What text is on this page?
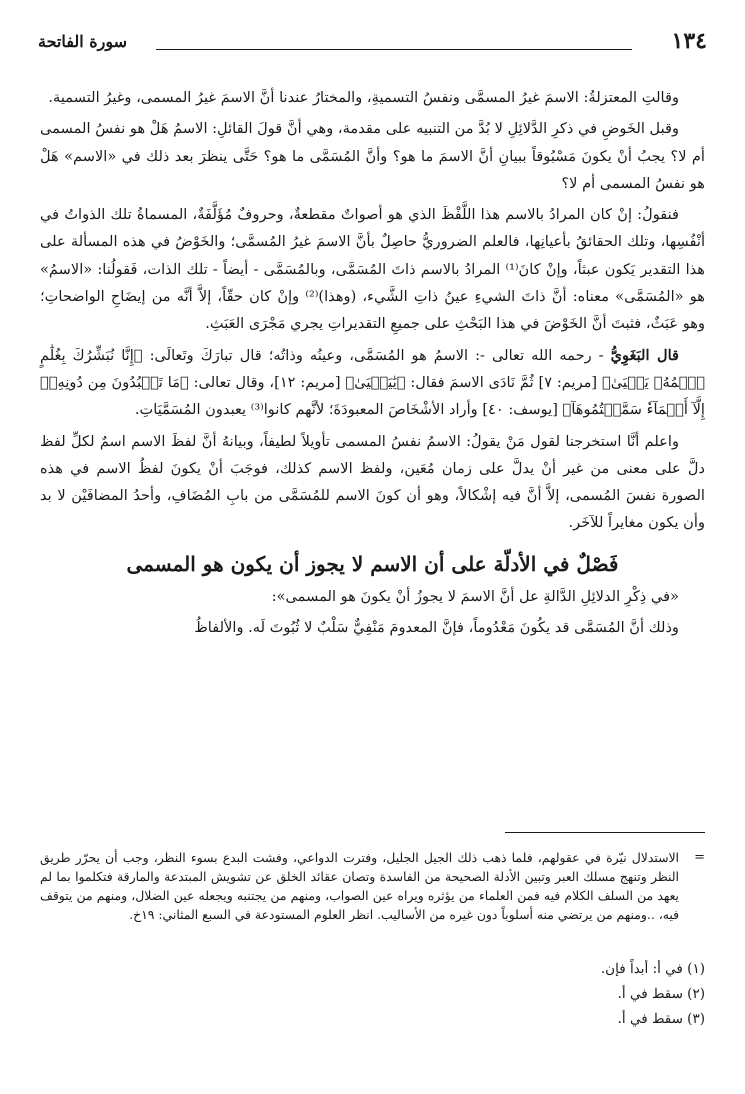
١٣٤
سورة الفاتحة

وقالتِ المعتزلةُ: الاسمَ غيرُ المسمَّى ونفسُ التسميةِ، والمختارُ عندنا أنَّ الاسمَ غيرُ المسمى، وغيرُ التسمية.

وقبل الخَوضِ في ذكرِ الدَّلائِلِ لا بُدَّ من التنبيه على مقدمة، وهي أنَّ قولَ القائلِ: الاسمُ هَلْ هو نفسُ المسمى أم لا؟ يجبُ أنْ يكونَ مَسْبُوقاً ببيانِ أنَّ الاسمَ ما هو؟ وأنَّ المُسَمَّى ما هو؟ حَتَّى ينظرَ بعد ذلك في «الاسم» هَلْ هو نفسُ المسمى أم لا؟

فنقولُ: إنْ كان المرادُ بالاسم هذا اللَّفْظَ الذي هو أصواتٌ مقطعةٌ، وحروفٌ مُؤَلَّفَةٌ، المسماةُ تلك الذواتُ في أنْفُسِها، وتلك الحقائقُ بأعيانِها، فالعلم الضروريُّ حاصِلٌ بأنَّ الاسمَ غيرُ المُسمَّى؛ والخَوْضُ في هذه المسألة على هذا التقدير يَكون عبثاً، وإنْ كانَ⁽¹⁾ المرادُ بالاسم ذاتَ المُسَمَّى، وبالمُسَمَّى - أيضاً - تلك الذات، فَقولُنا: «الاسمُ» هو «المُسَمَّى» معناه: أنَّ ذاتَ الشيءِ عينُ ذاتِ الشَّيء، (وهذا)⁽²⁾ وإنْ كان حقّاً، إلاَّ أنَّه من إيضَاحِ الواضحاتِ؛ وهو عَبَثٌ، فثبتَ أنَّ الخَوْضَ في هذا البَحْثِ على جميعِ التقديراتِ يجري مَجْرَى العَبَثِ.

قال البَغَوِيُّ - رحمه الله تعالى -: الاسمُ هو المُسَمَّى، وعينُه وذاتُه؛ قال تبارَكَ وتَعالَى: ﴿إِنَّا نُبَشِّرُكَ بِغُلَٰمٍ ٱسۡمُهُۥ يَحۡيَىٰ﴾ [مريم: ٧] ثُمَّ نَادَى الاسمَ فقال: ﴿يَٰيَحۡيَىٰ﴾ [مريم: ١٢]، وقال تعالى: ﴿مَا تَعۡبُدُونَ مِن دُونِهِۦٓ إِلَّآ أَسۡمَآءٗ سَمَّيۡتُمُوهَآ﴾ [يوسف: ٤٠] وأراد الأشْخَاصَ المعبودَةَ؛ لأنَّهم كانوا⁽³⁾ يعبدون المُسَمَّيَاتِ.

واعلم أنَّا استخرجنا لقول مَنْ يقولُ: الاسمُ نفسُ المسمى تأويلاً لطيفاً، وبيانهُ أنَّ لفظَ الاسم اسمٌ لكلِّ لفظ دلَّ على معنى من غير أنْ يدلَّ على زمان مُعَين، ولفظ الاسم كذلك، فوجَبَ أنْ يكونَ لفظُ الاسم في هذه الصورة نفسَ المُسمى، إلاَّ أنَّ فيه إشْكالاً، وهو أن كونَ الاسم للمُسَمَّى من بابِ المُضَافِ، وأحدُ المضافَيْن لا بد وأن يكون مغايراً للآخَر.

فَصْلٌ في الأدلّة على أن الاسم لا يجوز أن يكون هو المسمى

«في ذِكْرِ الدلائِلِ الدَّالةِ عل أنَّ الاسمَ لا يجوزُ أنْ يكونَ هو المسمى»:

وذلك أنَّ المُسَمَّى قد يكُونَ مَعْدُوماً، فإنَّ المعدومَ مَنْفِيٌّ سَلْبٌ لا ثُبُوتَ لَه. والألفاظُ

=
الاستدلال نيّرة في عقولهم، فلما ذهب ذلك الجيل الجليل، وفترت الدواعي، وفشت البدع بسوء النظر، وجب أن يحرّر طريق النظر وتنهج مسلك العبر وتبين الأدلة الصحيحة من الفاسدة وتصان عقائد الخلق عن تشويش المبتدعة والمارقة فتكلموا بما لم يعهد من السلف الكلام فيه فمن العلماء من يؤثره ويراه عين الصواب، ومنهم من يجتنبه ويجعله عين الضلال، ومنهم من يتوقف فيه، ..ومنهم من يرتضي منه أسلوباً دون غيره من الأساليب. انظر العلوم المستودعة في السبع المثاني: ١٩خ.
(١) في أ: أبداً فإن.
(٢) سقط في أ.
(٣) سقط في أ.
